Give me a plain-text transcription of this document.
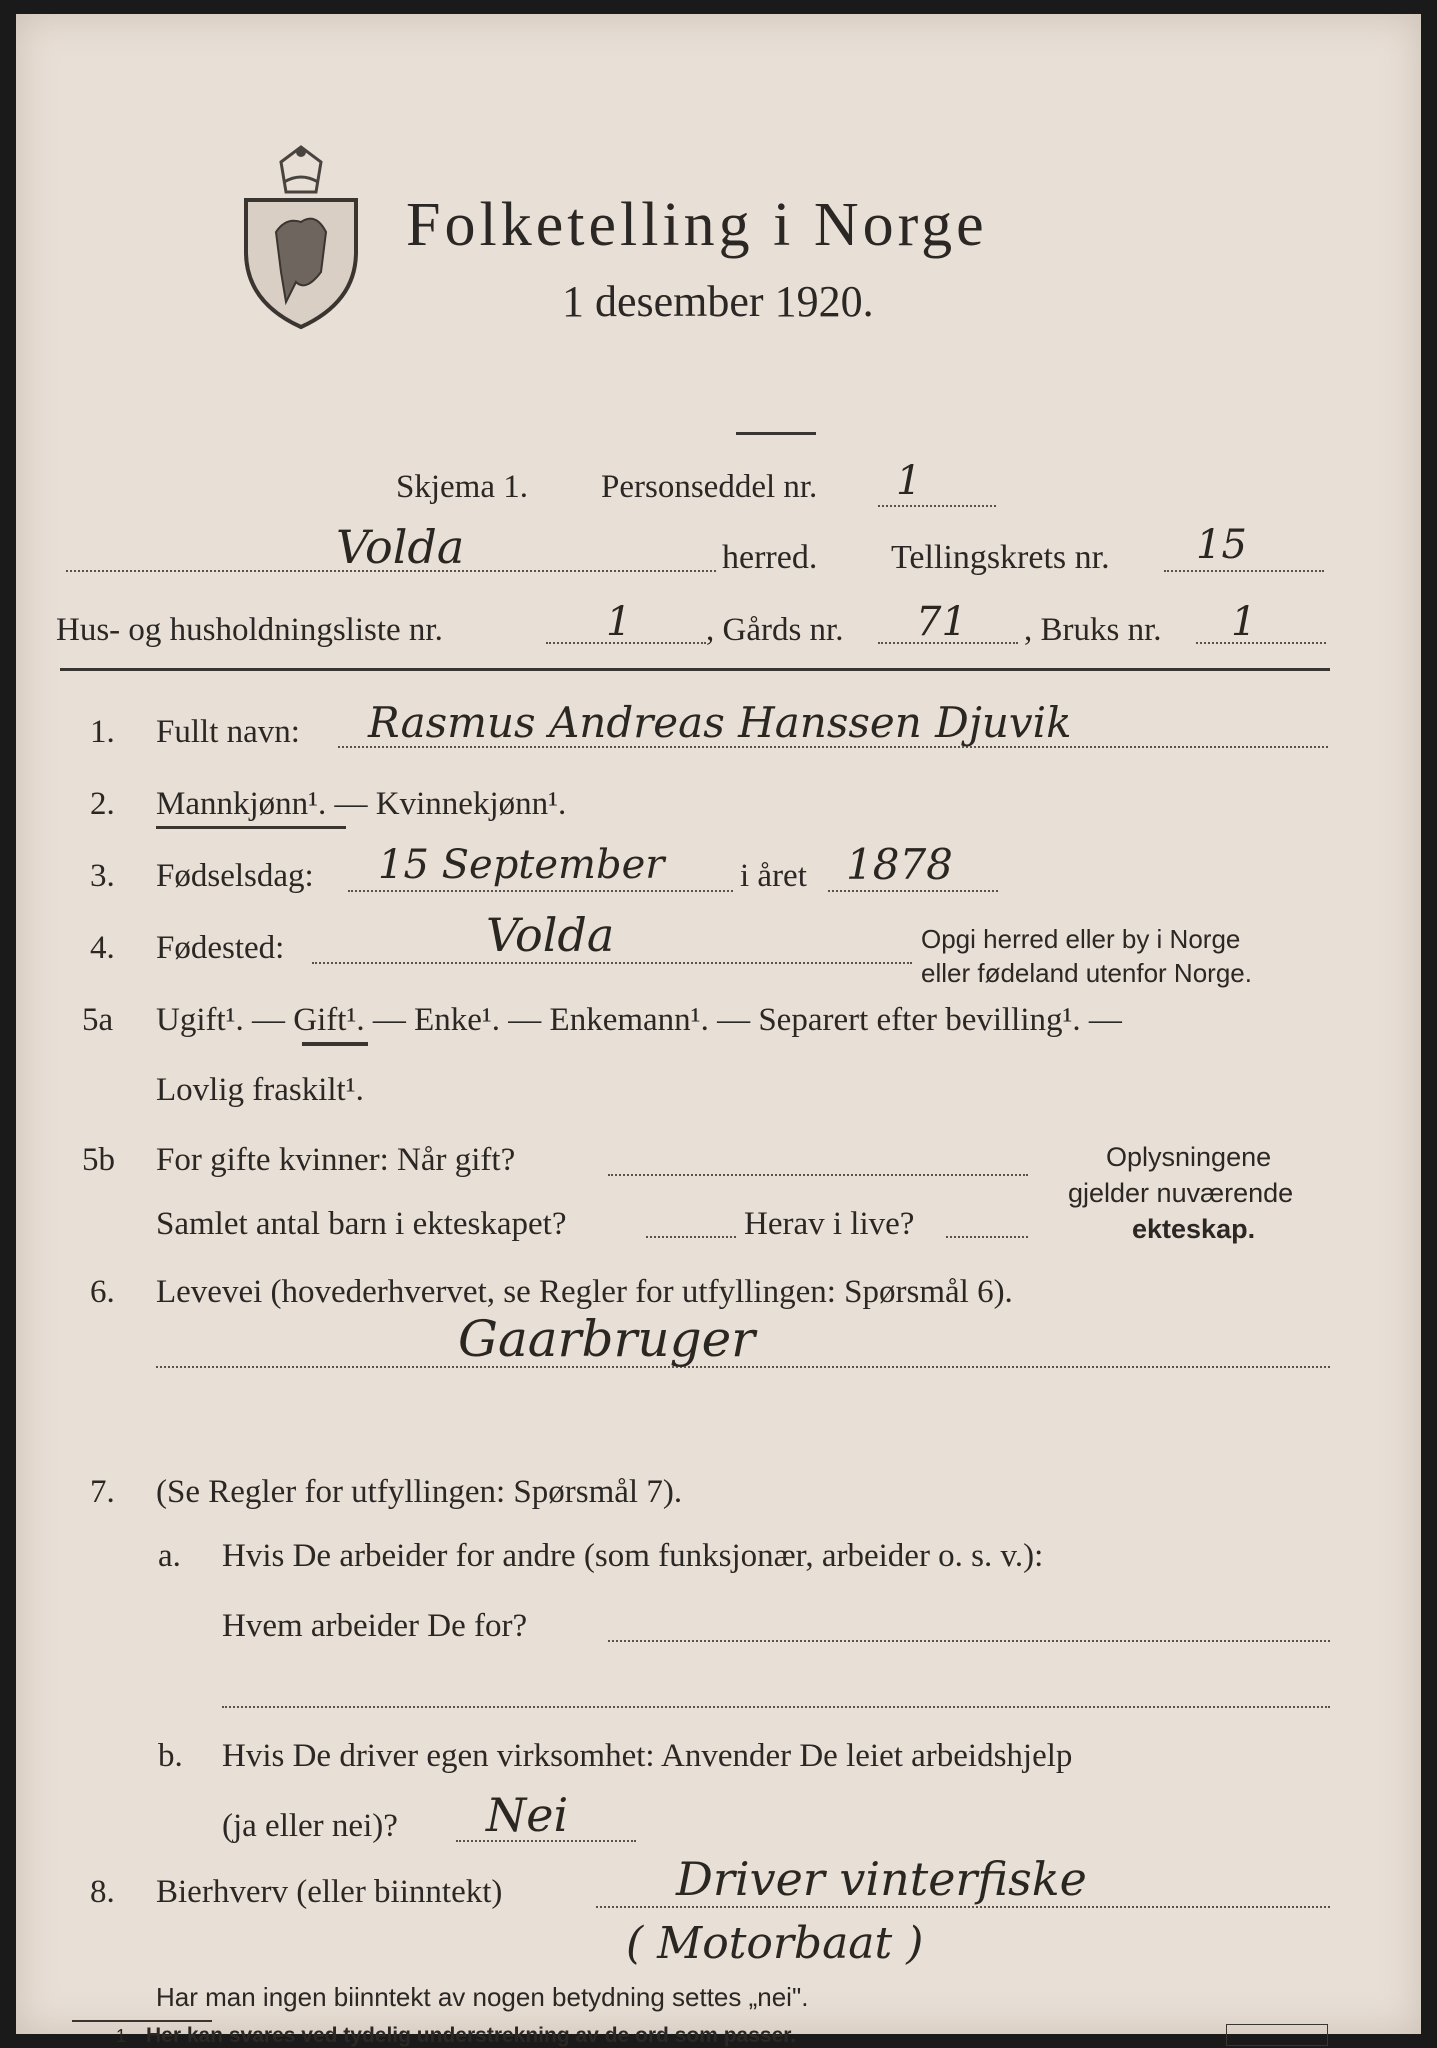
Folketelling i Norge
1 desember 1920.
Skjema 1. Personseddel nr. 1
Volda	herred. Tellingskrets nr. 15
Hus- og husholdningsliste nr.	1 , Gårds nr. 71 , Bruks nr. 1
1. Fullt navn: Rasmus Andreas Hanssen Djuvik
2. Mannkjønn¹. — Kvinnekjønn¹.
3. Fødselsdag: 15 September i året 1878
4. Fødested:	Volda	Opgi herred eller by i Norge
eller fødeland utenfor Norge.
5a Ugift¹. — Gift¹. — Enke¹. — Enkemann¹. — Separert efter bevilling¹. —
Lovlig fraskilt¹.
5b For gifte kvinner: Når gift?
Samlet antal barn i ekteskapet?	Herav i live?
Oplysningene
gjelder nuværende
ekteskap.
6. Levevei (hovederhvervet, se Regler for utfyllingen: Spørsmål 6).
Gaarbruger
7. (Se Regler for utfyllingen: Spørsmål 7).
a. Hvis De arbeider for andre (som funksjonær, arbeider o. s. v.):
Hvem arbeider De for?
b. Hvis De driver egen virksomhet: Anvender De leiet arbeidshjelp
(ja eller nei)? Nei
8. Bierhverv (eller biinntekt)	Driver vinterfiske
( Motorbaat )
Har man ingen biinntekt av nogen betydning settes „nei".
1 Her kan svares ved tydelig understrekning av de ord som passer.
